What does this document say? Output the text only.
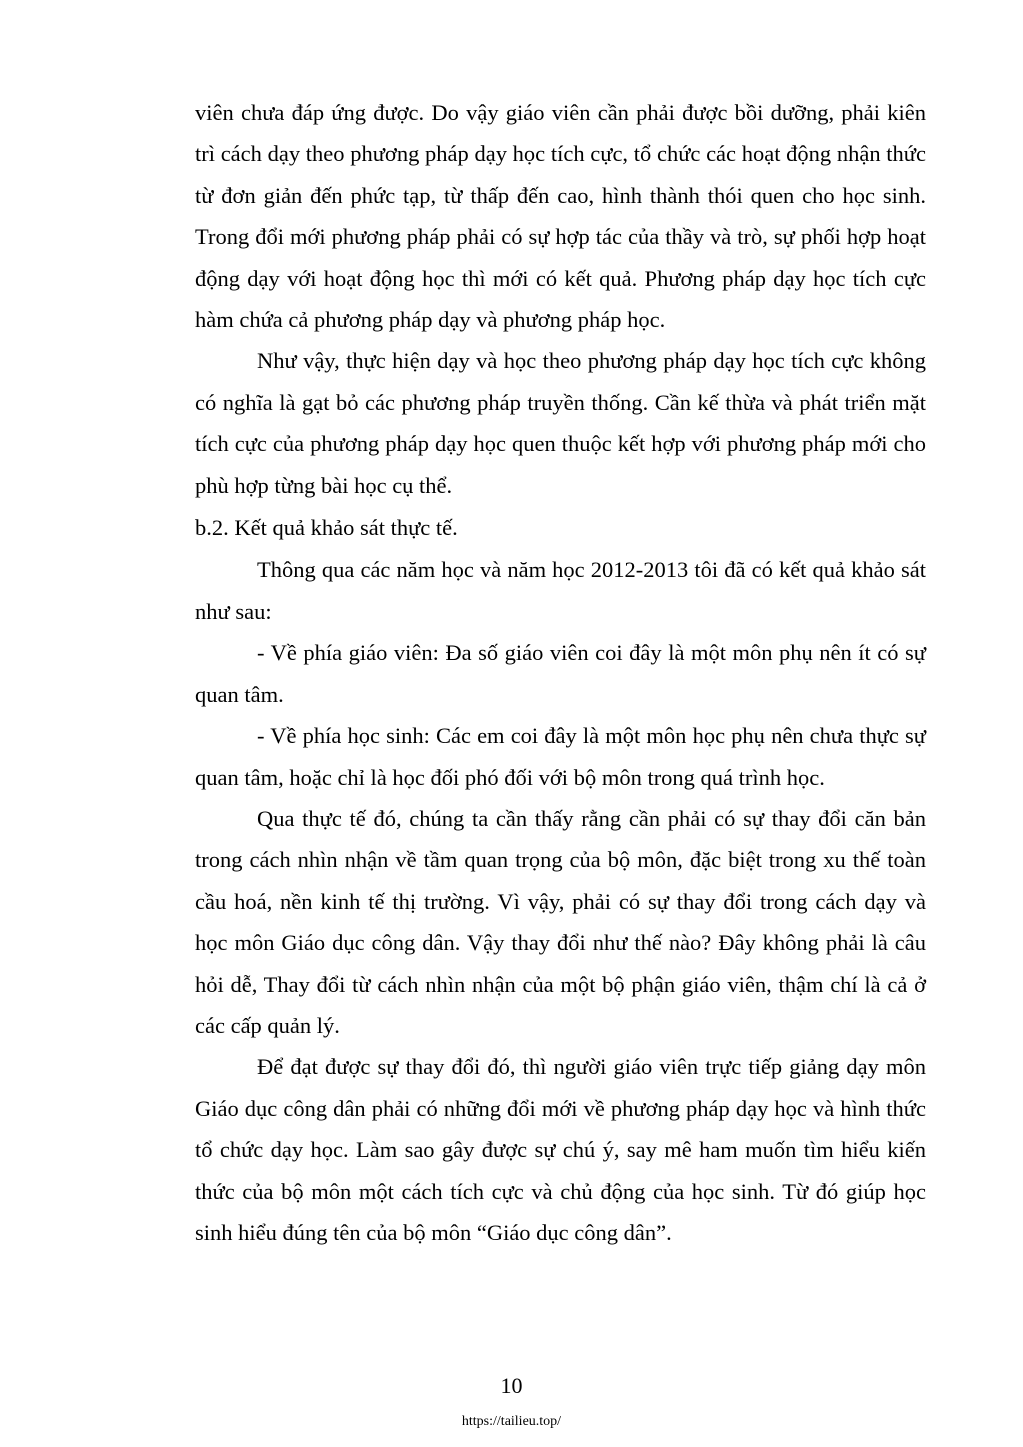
viên chưa đáp ứng được. Do vậy giáo viên cần phải được bồi dưỡng, phải kiên trì cách dạy theo phương pháp dạy học tích cực, tổ chức các hoạt động nhận thức từ đơn giản đến phức tạp, từ thấp đến cao, hình thành thói quen cho học sinh. Trong đổi mới phương pháp phải có sự hợp tác của thầy và trò, sự phối hợp hoạt động dạy với hoạt động học thì mới có kết quả. Phương pháp dạy học tích cực hàm chứa cả phương pháp dạy và phương pháp học.

Như vậy, thực hiện dạy và học theo phương pháp dạy học tích cực không có nghĩa là gạt bỏ các phương pháp truyền thống. Cần kế thừa và phát triển mặt tích cực của phương pháp dạy học quen thuộc kết hợp với phương pháp mới cho phù hợp từng bài học cụ thể.

b.2. Kết quả khảo sát thực tế.

Thông qua các năm học và năm học 2012-2013 tôi đã có kết quả khảo sát như sau:

- Về phía giáo viên: Đa số giáo viên coi đây là một môn phụ nên ít có sự quan tâm.

- Về phía học sinh: Các em coi đây là một môn học phụ nên chưa thực sự quan tâm, hoặc chỉ là học đối phó đối với bộ môn trong quá trình học.

Qua thực tế đó, chúng ta cần thấy rằng cần phải có sự thay đổi căn bản trong cách nhìn nhận về tầm quan trọng của bộ môn, đặc biệt trong xu thế toàn cầu hoá, nền kinh tế thị trường. Vì vậy, phải có sự thay đổi trong cách dạy và học môn Giáo dục công dân. Vậy thay đổi như thế nào? Đây không phải là câu hỏi dễ, Thay đổi từ cách nhìn nhận của một bộ phận giáo viên, thậm chí là cả ở các cấp quản lý.

Để đạt được sự thay đổi đó, thì người giáo viên trực tiếp giảng dạy môn Giáo dục công dân phải có những đổi mới về phương pháp dạy học và hình thức tổ chức dạy học. Làm sao gây được sự chú ý, say mê ham muốn tìm hiểu kiến thức của bộ môn một cách tích cực và chủ động của học sinh. Từ đó giúp học sinh hiểu đúng tên của bộ môn “Giáo dục công dân”.

10
https://tailieu.top/
